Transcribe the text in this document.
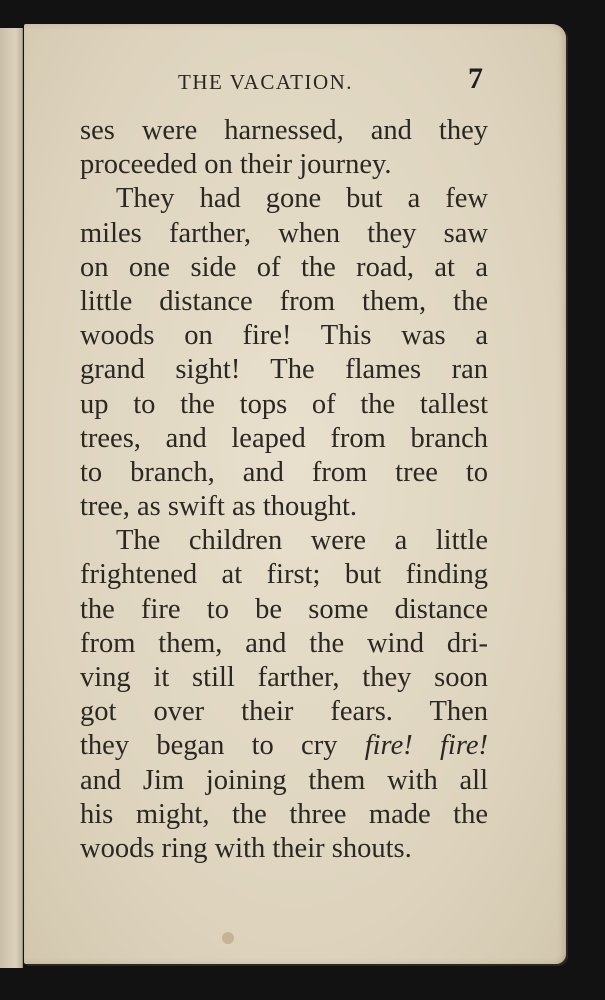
THE VACATION.	7
ses were harnessed, and they
proceeded on their journey.
They had gone but a few
miles farther, when they saw
on one side of the road, at a
little distance from them, the
woods on fire! This was a
grand sight! The flames ran
up to the tops of the tallest
trees, and leaped from branch
to branch, and from tree to
tree, as swift as thought.
The children were a little
frightened at first; but finding
the fire to be some distance
from them, and the wind dri-
ving it still farther, they soon
got over their fears. Then
they began to cry fire! fire!
and Jim joining them with all
his might, the three made the
woods ring with their shouts.
